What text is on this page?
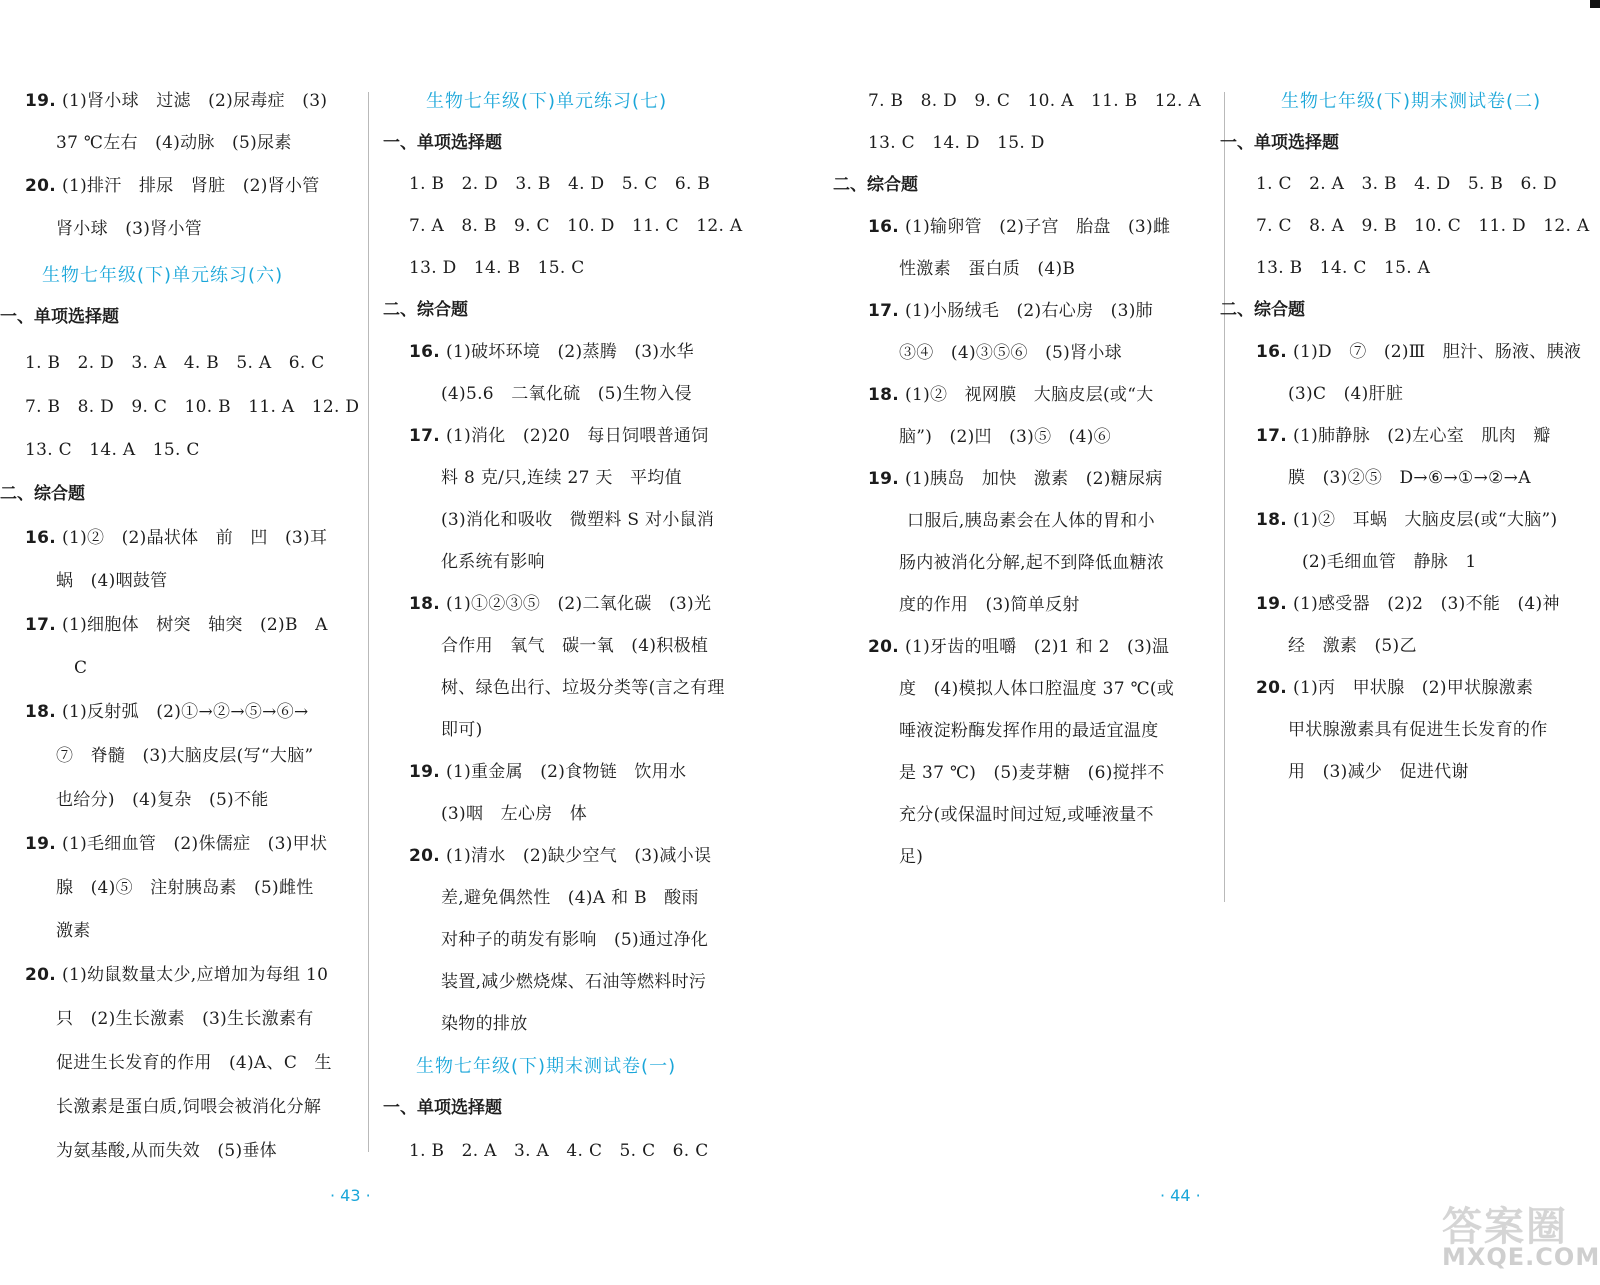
19. (1)肾小球　过滤　(2)尿毒症　(3)
37 ℃左右　(4)动脉　(5)尿素
20. (1)排汗　排尿　肾脏　(2)肾小管
肾小球　(3)肾小管
生物七年级(下)单元练习(六)
一、单项选择题
1. B　2. D　3. A　4. B　5. A　6. C
7. B　8. D　9. C　10. B　11. A　12. D
13. C　14. A　15. C
二、综合题
16. (1)②　(2)晶状体　前　凹　(3)耳
蜗　(4)咽鼓管
17. (1)细胞体　树突　轴突　(2)B　A
C
18. (1)反射弧　(2)①→②→⑤→⑥→
⑦　脊髓　(3)大脑皮层(写“大脑”
也给分)　(4)复杂　(5)不能
19. (1)毛细血管　(2)侏儒症　(3)甲状
腺　(4)⑤　注射胰岛素　(5)雌性
激素
20. (1)幼鼠数量太少,应增加为每组 10
只　(2)生长激素　(3)生长激素有
促进生长发育的作用　(4)A、C　生
长激素是蛋白质,饲喂会被消化分解
为氨基酸,从而失效　(5)垂体
生物七年级(下)单元练习(七)
一、单项选择题
1. B　2. D　3. B　4. D　5. C　6. B
7. A　8. B　9. C　10. D　11. C　12. A
13. D　14. B　15. C
二、综合题
16. (1)破坏环境　(2)蒸腾　(3)水华
(4)5.6　二氧化硫　(5)生物入侵
17. (1)消化　(2)20　每日饲喂普通饲
料 8 克/只,连续 27 天　平均值
(3)消化和吸收　微塑料 S 对小鼠消
化系统有影响
18. (1)①②③⑤　(2)二氧化碳　(3)光
合作用　氧气　碳一氧　(4)积极植
树、绿色出行、垃圾分类等(言之有理
即可)
19. (1)重金属　(2)食物链　饮用水
(3)咽　左心房　体
20. (1)清水　(2)缺少空气　(3)减小误
差,避免偶然性　(4)A 和 B　酸雨
对种子的萌发有影响　(5)通过净化
装置,减少燃烧煤、石油等燃料时污
染物的排放
生物七年级(下)期末测试卷(一)
一、单项选择题
1. B　2. A　3. A　4. C　5. C　6. C
· 43 ·
7. B　8. D　9. C　10. A　11. B　12. A
13. C　14. D　15. D
二、综合题
16. (1)输卵管　(2)子宫　胎盘　(3)雌
性激素　蛋白质　(4)B
17. (1)小肠绒毛　(2)右心房　(3)肺
③④　(4)③⑤⑥　(5)肾小球
18. (1)②　视网膜　大脑皮层(或“大
脑”)　(2)凹　(3)⑤　(4)⑥
19. (1)胰岛　加快　激素　(2)糖尿病
口服后,胰岛素会在人体的胃和小
肠内被消化分解,起不到降低血糖浓
度的作用　(3)简单反射
20. (1)牙齿的咀嚼　(2)1 和 2　(3)温
度　(4)模拟人体口腔温度 37 ℃(或
唾液淀粉酶发挥作用的最适宜温度
是 37 ℃)　(5)麦芽糖　(6)搅拌不
充分(或保温时间过短,或唾液量不
足)
生物七年级(下)期末测试卷(二)
一、单项选择题
1. C　2. A　3. B　4. D　5. B　6. D
7. C　8. A　9. B　10. C　11. D　12. A
13. B　14. C　15. A
二、综合题
16. (1)D　⑦　(2)Ⅲ　胆汁、肠液、胰液
(3)C　(4)肝脏
17. (1)肺静脉　(2)左心室　肌肉　瓣
膜　(3)②⑤　D→⑥→①→②→A
18. (1)②　耳蜗　大脑皮层(或“大脑”)
(2)毛细血管　静脉　1
19. (1)感受器　(2)2　(3)不能　(4)神
经　激素　(5)乙
20. (1)丙　甲状腺　(2)甲状腺激素
甲状腺激素具有促进生长发育的作
用　(3)减少　促进代谢
· 44 ·
答案圈
MXQE.COM
